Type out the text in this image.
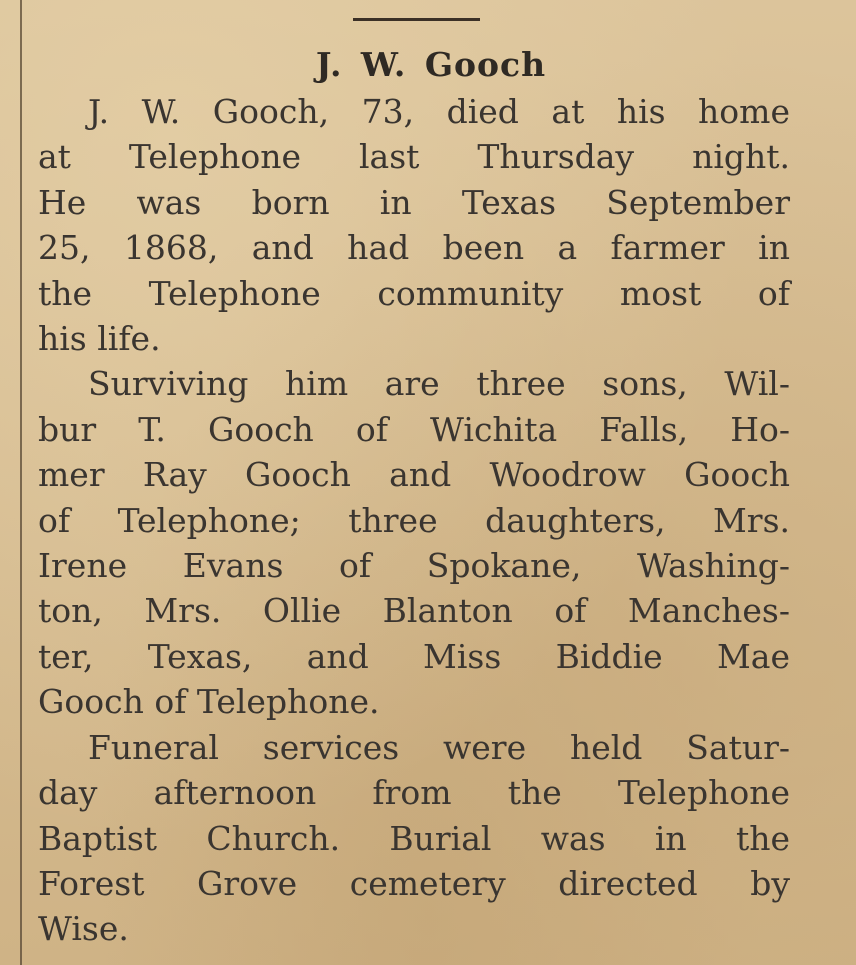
J. W. Gooch
J. W. Gooch, 73, died at his home
at Telephone last Thursday night.
He was born in Texas September
25, 1868, and had been a farmer in
the Telephone community most of
his life.
Surviving him are three sons, Wil-
bur T. Gooch of Wichita Falls, Ho-
mer Ray Gooch and Woodrow Gooch
of Telephone; three daughters, Mrs.
Irene Evans of Spokane, Washing-
ton, Mrs. Ollie Blanton of Manches-
ter, Texas, and Miss Biddie Mae
Gooch of Telephone.
Funeral services were held Satur-
day afternoon from the Telephone
Baptist Church. Burial was in the
Forest Grove cemetery directed by
Wise.
